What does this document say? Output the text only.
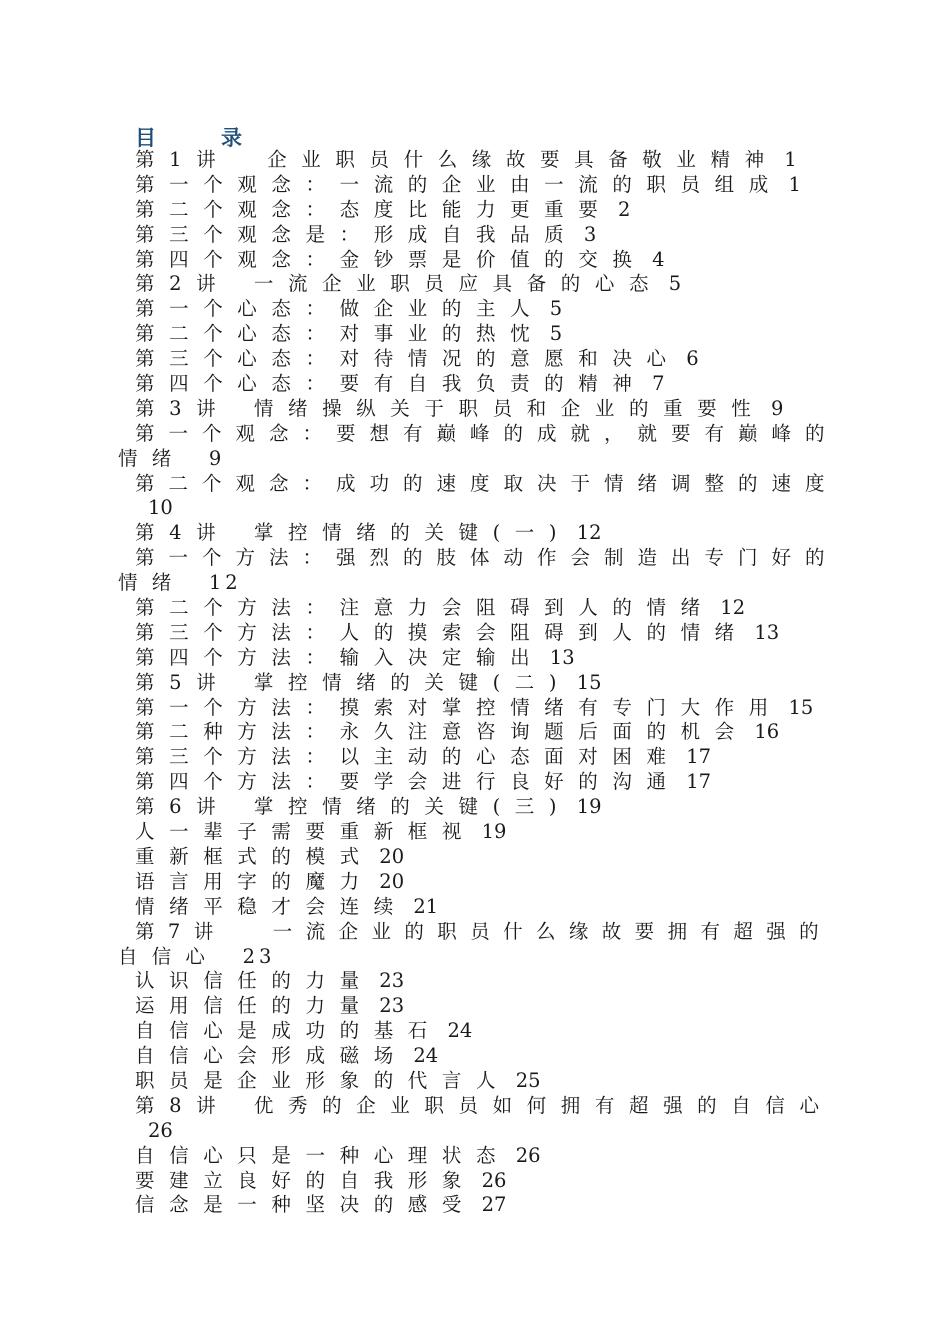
目　录
第 1 讲　　企 业 职 员 什 么 缘 故 要 具 备 敬 业 精 神 1
第 一 个 观 念 ： 一 流 的 企 业 由 一 流 的 职 员 组 成 1
第 二 个 观 念 ： 态 度 比 能 力 更 重 要 2
第 三 个 观 念 是 ： 形 成 自 我 品 质 3
第 四 个 观 念 ： 金 钞 票 是 价 值 的 交 换 4
第 2 讲　 一 流 企 业 职 员 应 具 备 的 心 态 5
第 一 个 心 态 ： 做 企 业 的 主 人 5
第 二 个 心 态 ： 对 事 业 的 热 忱 5
第 三 个 心 态 ： 对 待 情 况 的 意 愿 和 决 心 6
第 四 个 心 态 ： 要 有 自 我 负 责 的 精 神 7
第 3 讲　 情 绪 操 纵 关 于 职 员 和 企 业 的 重 要 性 9
第 一 个 观 念 ： 要 想 有 巅 峰 的 成 就 ， 就 要 有 巅 峰 的
情 绪　 9
第 二 个 观 念 ： 成 功 的 速 度 取 决 于 情 绪 调 整 的 速 度
10
第 4 讲　 掌 控 情 绪 的 关 键 ( 一 ) 12
第 一 个 方 法 ： 强 烈 的 肢 体 动 作 会 制 造 出 专 门 好 的
情 绪　 12
第 二 个 方 法 ： 注 意 力 会 阻 碍 到 人 的 情 绪 12
第 三 个 方 法 ： 人 的 摸 索 会 阻 碍 到 人 的 情 绪 13
第 四 个 方 法 ： 输 入 决 定 输 出 13
第 5 讲　 掌 控 情 绪 的 关 键 ( 二 ) 15
第 一 个 方 法 ： 摸 索 对 掌 控 情 绪 有 专 门 大 作 用 15
第 二 种 方 法 ： 永 久 注 意 咨 询 题 后 面 的 机 会 16
第 三 个 方 法 ： 以 主 动 的 心 态 面 对 困 难 17
第 四 个 方 法 ： 要 学 会 进 行 良 好 的 沟 通 17
第 6 讲　 掌 控 情 绪 的 关 键 ( 三 ) 19
人 一 辈 子 需 要 重 新 框 视 19
重 新 框 式 的 模 式 20
语 言 用 字 的 魔 力 20
情 绪 平 稳 才 会 连 续 21
第 7 讲　　 一 流 企 业 的 职 员 什 么 缘 故 要 拥 有 超 强 的
自 信 心　 23
认 识 信 任 的 力 量 23
运 用 信 任 的 力 量 23
自 信 心 是 成 功 的 基 石 24
自 信 心 会 形 成 磁 场 24
职 员 是 企 业 形 象 的 代 言 人 25
第 8 讲　 优 秀 的 企 业 职 员 如 何 拥 有 超 强 的 自 信 心
26
自 信 心 只 是 一 种 心 理 状 态 26
要 建 立 良 好 的 自 我 形 象 26
信 念 是 一 种 坚 决 的 感 受 27
